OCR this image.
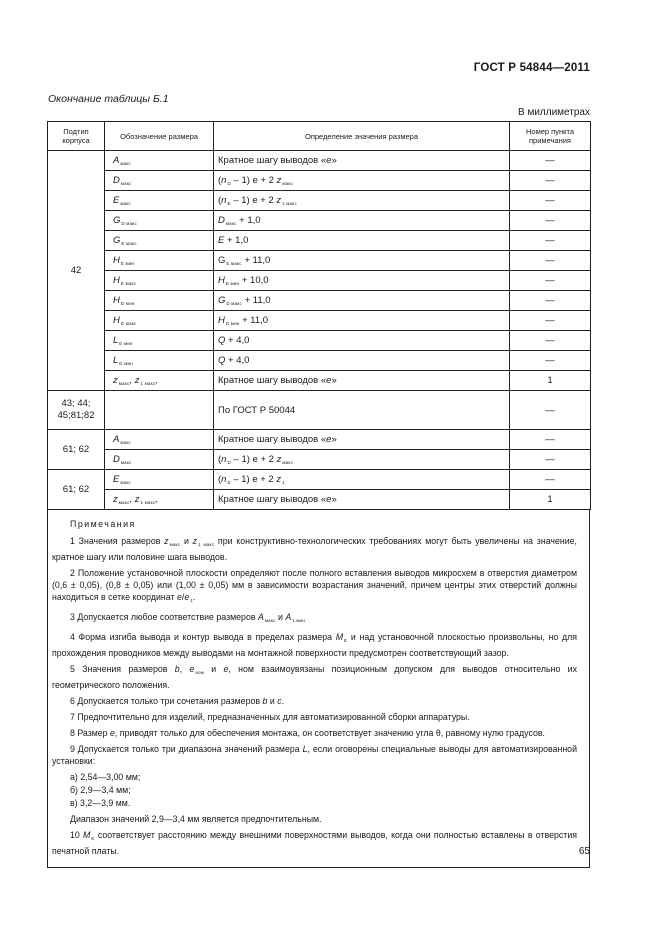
ГОСТ Р 54844—2011
Окончание таблицы Б.1
В миллиметрах
Подтип корпуса	Обозначение размера	Определение значения размера	Номер пункта примечания
42	$A_{макс}$	Кратное шагу выводов «е»	—
	$D_{макс}$	$(n_D - 1) e + 2$ $z_{макс}$	—
	$E_{макс}$	$(n_E - 1) e + 2$ $z_{1 макс}$	—
	$G_{D макс}$	$D_{макс} + 1,0$	—
	$G_{E макс}$	E + 1,0	—
	$H_{E мин}$	$G_{E макс} + 11,0$	—
	$H_{E макс}$	$H_{E мин} + 10,0$	—
	$H_{D мин}$	$G_{D макс} + 11,0$	—
	$H_{D макс}$	$H_{D мин} + 11,0$	—
	$L_{E мин}$	Q + 4,0	—
	$L_{D мин}$	Q + 4,0	—
	$z_{макс}$, $z_{1 макс}$,	Кратное шагу выводов «е»	1
43; 44; 45;81;82		По ГОСТ Р 50044	—
61; 62	$A_{макс}$	Кратное шагу выводов «е»	—
	$D_{макс}$	$(n_D - 1) e + 2$ $z_{макс}$	—
61; 62	$E_{макс}$	$(n_E - 1) e + 2$ $z_1$	—
	$z_{макс}$, $z_{1 макс}$,	Кратное шагу выводов «е»	1

Примечания

1 Значения размеров $z_{макс}$ и $z_{1 макс}$ при конструктивно-технологических требованиях могут быть увеличены на значение, кратное шагу или половине шага выводов.

2 Положение установочной плоскости определяют после полного вставления выводов микросхем в отверстия диаметром (0,6 ± 0,05), (0,8 ± 0,05) или (1,00 ± 0,05) мм в зависимости возрастания значений, причем центры этих отверстий должны находиться в сетке координат $e/e_1$.

3 Допускается любое соответствие размеров $A_{макс}$ и $A_{1 мин}$

4 Форма изгиба вывода и контур вывода в пределах размера $M_E$ и над установочной плоскостью произвольны, но для прохождения проводников между выводами на монтажной поверхности предусмотрен соответствующий зазор.

5 Значения размеров b, $e_{ном}$ и e, ном взаимоувязаны позиционным допуском для выводов относительно их геометрического положения.

6 Допускается только три сочетания размеров b и c.

7 Предпочтительно для изделий, предназначенных для автоматизированной сборки аппаратуры.

8 Размер е, приводят только для обеспечения монтажа, он соответствует значению угла θ, равному нулю градусов.

9 Допускается только три диапазона значений размера L, если оговорены специальные выводы для автоматизированной установки:

а) 2,54—3,00 мм;

б) 2,9—3,4 мм;

в) 3,2—3,9 мм.

Диапазон значений 2,9—3,4 мм является предпочтительным.

10 $M_E$ соответствует расстоянию между внешними поверхностями выводов, когда они полностью вставлены в отверстия печатной платы.	65
